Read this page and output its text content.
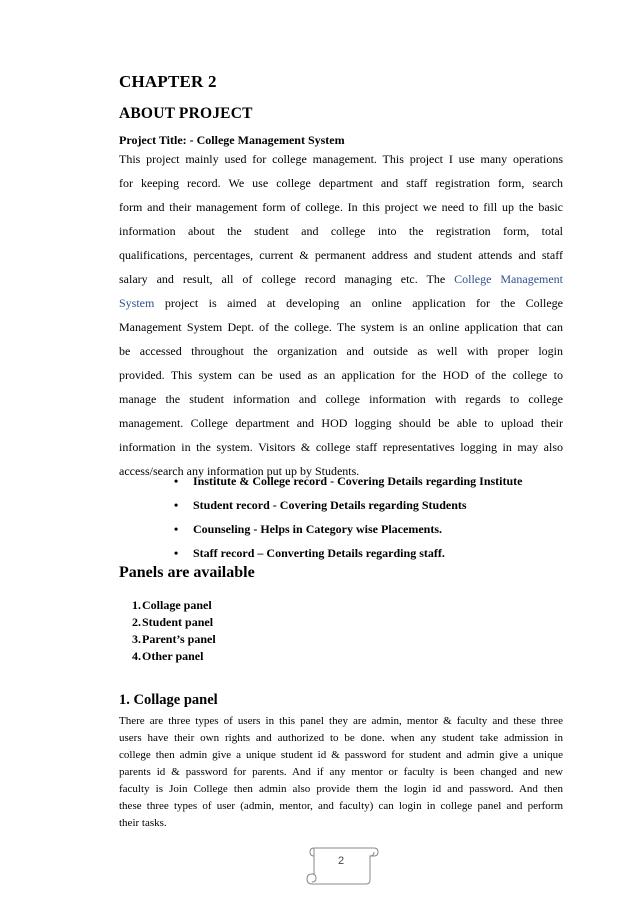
CHAPTER 2
ABOUT PROJECT
Project Title: - College Management System
This project mainly used for college management. This project I use many operations
for keeping record. We use college department and staff registration form, search
form and their management form of college. In this project we need to fill up the basic
information about the student and college into the registration form, total
qualifications, percentages, current & permanent address and student attends and staff
salary and result, all of college record managing etc. The College Management
System project is aimed at developing an online application for the College
Management System Dept. of the college. The system is an online application that can
be accessed throughout the organization and outside as well with proper login
provided. This system can be used as an application for the HOD of the college to
manage the student information and college information with regards to college
management. College department and HOD logging should be able to upload their
information in the system. Visitors & college staff representatives logging in may also
access/search any information put up by Students.
• Institute & College record - Covering Details regarding Institute
• Student record - Covering Details regarding Students
• Counseling - Helps in Category wise Placements.
• Staff record – Converting Details regarding staff.
Panels are available
1. Collage panel
2. Student panel
3. Parent’s panel
4. Other panel
1. Collage panel
There are three types of users in this panel they are admin, mentor & faculty and these three
users have their own rights and authorized to be done. when any student take admission in
college then admin give a unique student id & password for student and admin give a unique
parents id & password for parents. And if any mentor or faculty is been changed and new
faculty is Join College then admin also provide them the login id and password. And then
these three types of user (admin, mentor, and faculty) can login in college panel and perform
their tasks.
2
